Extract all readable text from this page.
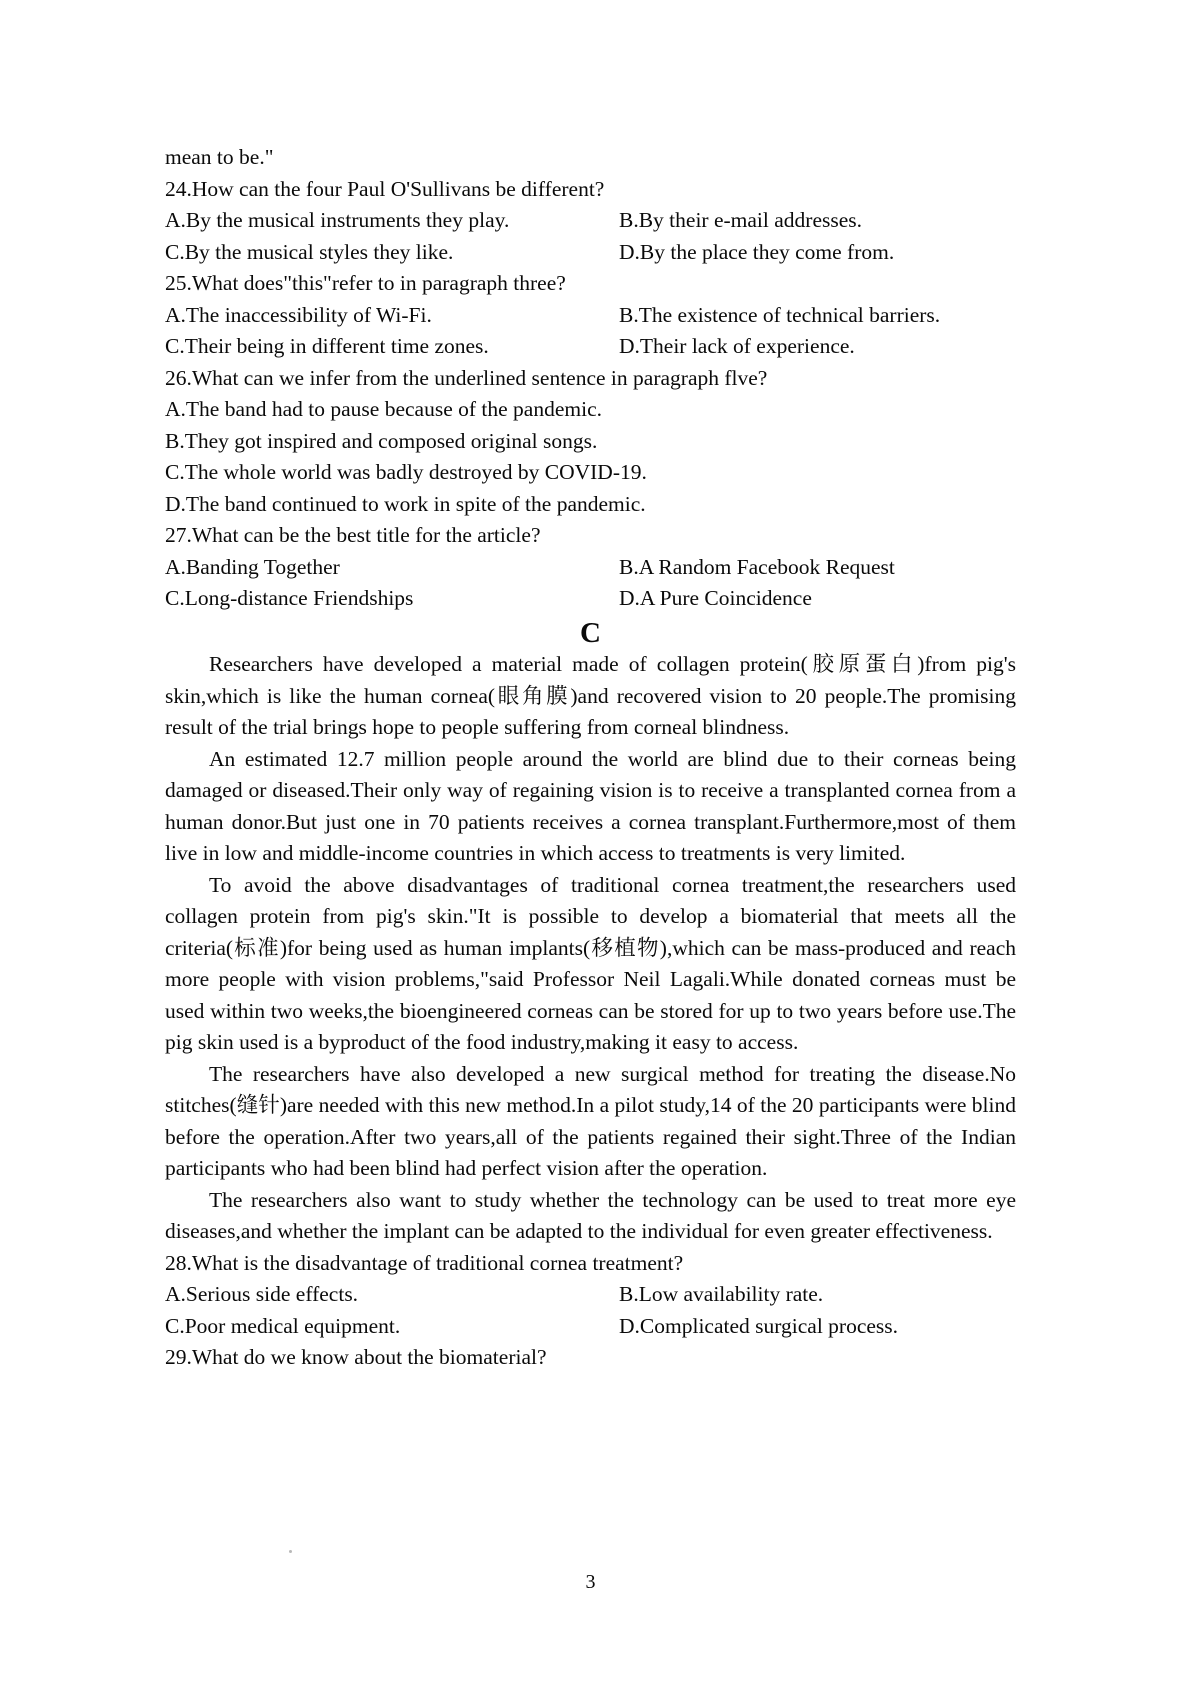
mean to be."

24.How can the four Paul O'Sullivans be different?

A.By the musical instruments they play.	B.By their e-mail addresses.
C.By the musical styles they like.	D.By the place they come from.

25.What does"this"refer to in paragraph three?

A.The inaccessibility of Wi-Fi.	B.The existence of technical barriers.
C.Their being in different time zones.	D.Their lack of experience.

26.What can we infer from the underlined sentence in paragraph flve?

A.The band had to pause because of the pandemic.

B.They got inspired and composed original songs.

C.The whole world was badly destroyed by COVID-19.

D.The band continued to work in spite of the pandemic.

27.What can be the best title for the article?

A.Banding Together	B.A Random Facebook Request
C.Long-distance Friendships	D.A Pure Coincidence
C

Researchers have developed a material made of collagen protein(胶原蛋白)from pig's skin,which is like the human cornea(眼角膜)and recovered vision to 20 people.The promising result of the trial brings hope to people suffering from corneal blindness.

An estimated 12.7 million people around the world are blind due to their corneas being damaged or diseased.Their only way of regaining vision is to receive a transplanted cornea from a human donor.But just one in 70 patients receives a cornea transplant.Furthermore,most of them live in low and middle-income countries in which access to treatments is very limited.

To avoid the above disadvantages of traditional cornea treatment,the researchers used collagen protein from pig's skin."It is possible to develop a biomaterial that meets all the criteria(标准)for being used as human implants(移植物),which can be mass-produced and reach more people with vision problems,"said Professor Neil Lagali.While donated corneas must be used within two weeks,the bioengineered corneas can be stored for up to two years before use.The pig skin used is a byproduct of the food industry,making it easy to access.

The researchers have also developed a new surgical method for treating the disease.No stitches(缝针)are needed with this new method.In a pilot study,14 of the 20 participants were blind before the operation.After two years,all of the patients regained their sight.Three of the Indian participants who had been blind had perfect vision after the operation.

The researchers also want to study whether the technology can be used to treat more eye diseases,and whether the implant can be adapted to the individual for even greater effectiveness.

28.What is the disadvantage of traditional cornea treatment?

A.Serious side effects.	B.Low availability rate.
C.Poor medical equipment.	D.Complicated surgical process.

29.What do we know about the biomaterial?

3
